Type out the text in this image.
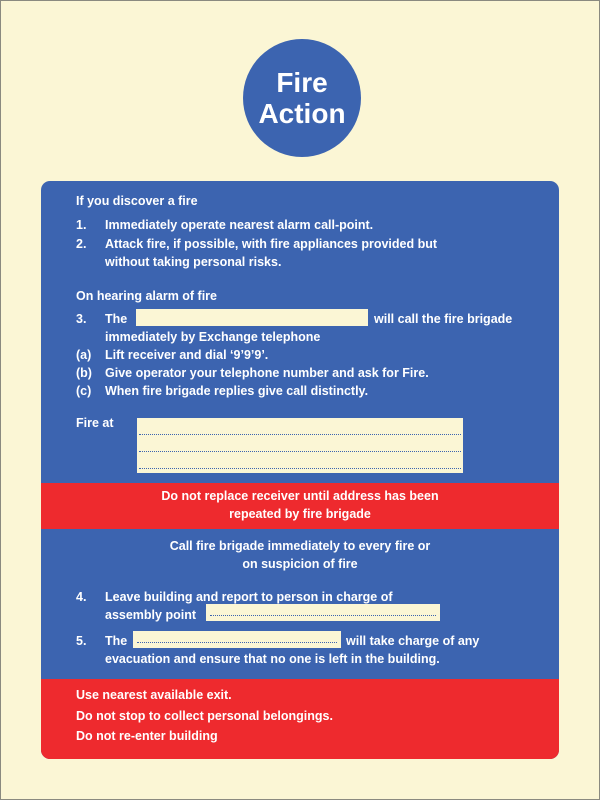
Fire
Action
If you discover a fire
1. Immediately operate nearest alarm call-point.
2. Attack fire, if possible, with fire appliances provided but
without taking personal risks.
On hearing alarm of fire
3. The	will call the fire brigade
immediately by Exchange telephone
(a) Lift receiver and dial ‘9’9’9’.
(b) Give operator your telephone number and ask for Fire.
(c) When fire brigade replies give call distinctly.
Fire at
Do not replace receiver until address has been
repeated by fire brigade
Call fire brigade immediately to every fire or
on suspicion of fire
4. Leave building and report to person in charge of
assembly point
5. The	will take charge of any
evacuation and ensure that no one is left in the building.
Use nearest available exit.
Do not stop to collect personal belongings.
Do not re-enter building
